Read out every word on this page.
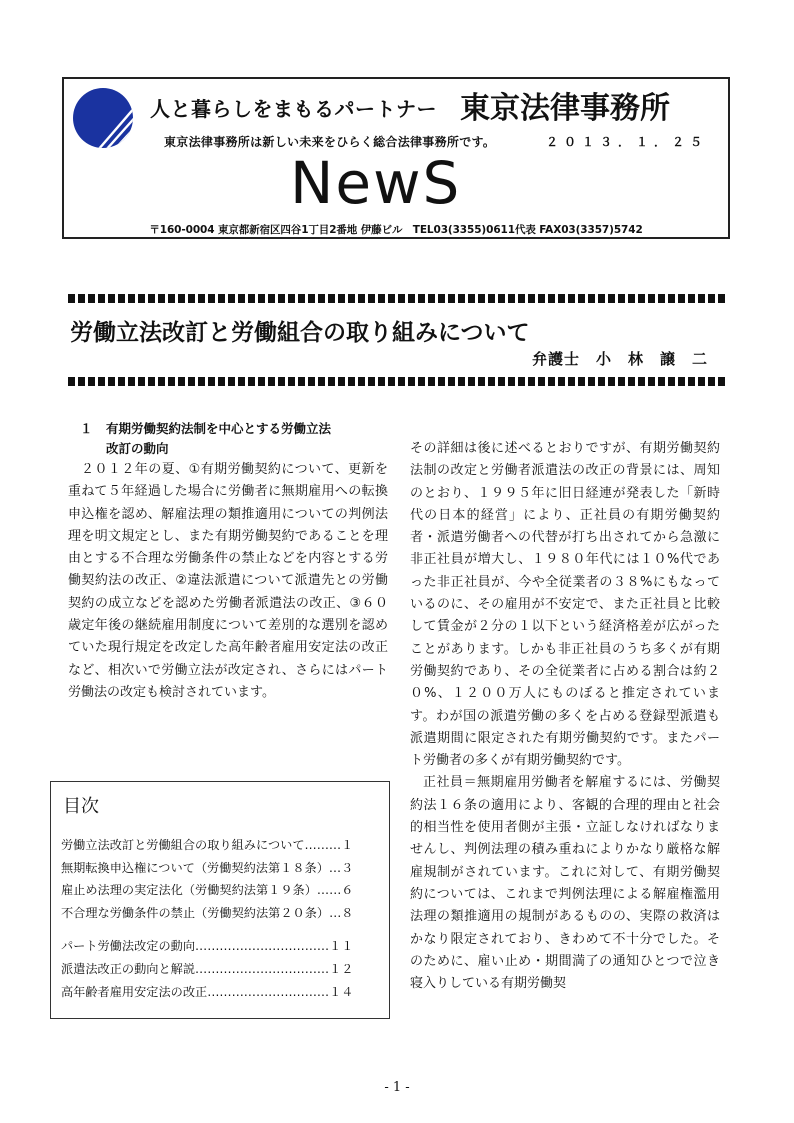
人と暮らしをまもるパートナー 東京法律事務所
東京法律事務所は新しい未来をひらく総合法律事務所です。	２０１３．１．２５
NewS
〒160-0004 東京都新宿区四谷1丁目2番地 伊藤ビル　TEL03(3355)0611代表 FAX03(3357)5742
労働立法改訂と労働組合の取り組みについて
弁護士　小　林　譲　二
１ 有期労働契約法制を中心とする労働立法
改訂の動向

２０１２年の夏、①有期労働契約について、更新を重ねて５年経過した場合に労働者に無期雇用への転換申込権を認め、解雇法理の類推適用についての判例法理を明文規定とし、また有期労働契約であることを理由とする不合理な労働条件の禁止などを内容とする労働契約法の改正、②違法派遣について派遣先との労働契約の成立などを認めた労働者派遣法の改正、③６０歳定年後の継続雇用制度について差別的な選別を認めていた現行規定を改定した高年齢者雇用安定法の改正など、相次いで労働立法が改定され、さらにはパート労働法の改定も検討されています。

その詳細は後に述べるとおりですが、有期労働契約法制の改定と労働者派遣法の改正の背景には、周知のとおり、１９９５年に旧日経連が発表した「新時代の日本的経営」により、正社員の有期労働契約者・派遣労働者への代替が打ち出されてから急激に非正社員が増大し、１９８０年代には１０%代であった非正社員が、今や全従業者の３８%にもなっているのに、その雇用が不安定で、また正社員と比較して賃金が２分の１以下という経済格差が広がったことがあります。しかも非正社員のうち多くが有期労働契約であり、その全従業者に占める割合は約２０%、１２００万人にものぼると推定されています。わが国の派遣労働の多くを占める登録型派遣も派遣期間に限定された有期労働契約です。またパート労働者の多くが有期労働契約です。

正社員＝無期雇用労働者を解雇するには、労働契約法１６条の適用により、客観的合理的理由と社会的相当性を使用者側が主張・立証しなければなりませんし、判例法理の積み重ねによりかなり厳格な解雇規制がされています。これに対して、有期労働契約については、これまで判例法理による解雇権濫用法理の類推適用の規制があるものの、実際の救済はかなり限定されており、きわめて不十分でした。そのために、雇い止め・期間満了の通知ひとつで泣き寝入りしている有期労働契

目次
労働立法改訂と労働組合の取り組みについて………１
無期転換申込権について（労働契約法第１８条）…３
雇止め法理の実定法化（労働契約法第１９条）……６
不合理な労働条件の禁止（労働契約法第２０条）…８
パート労働法改定の動向……………………………１１
派遣法改正の動向と解説……………………………１２
高年齢者雇用安定法の改正…………………………１４
- 1 -
